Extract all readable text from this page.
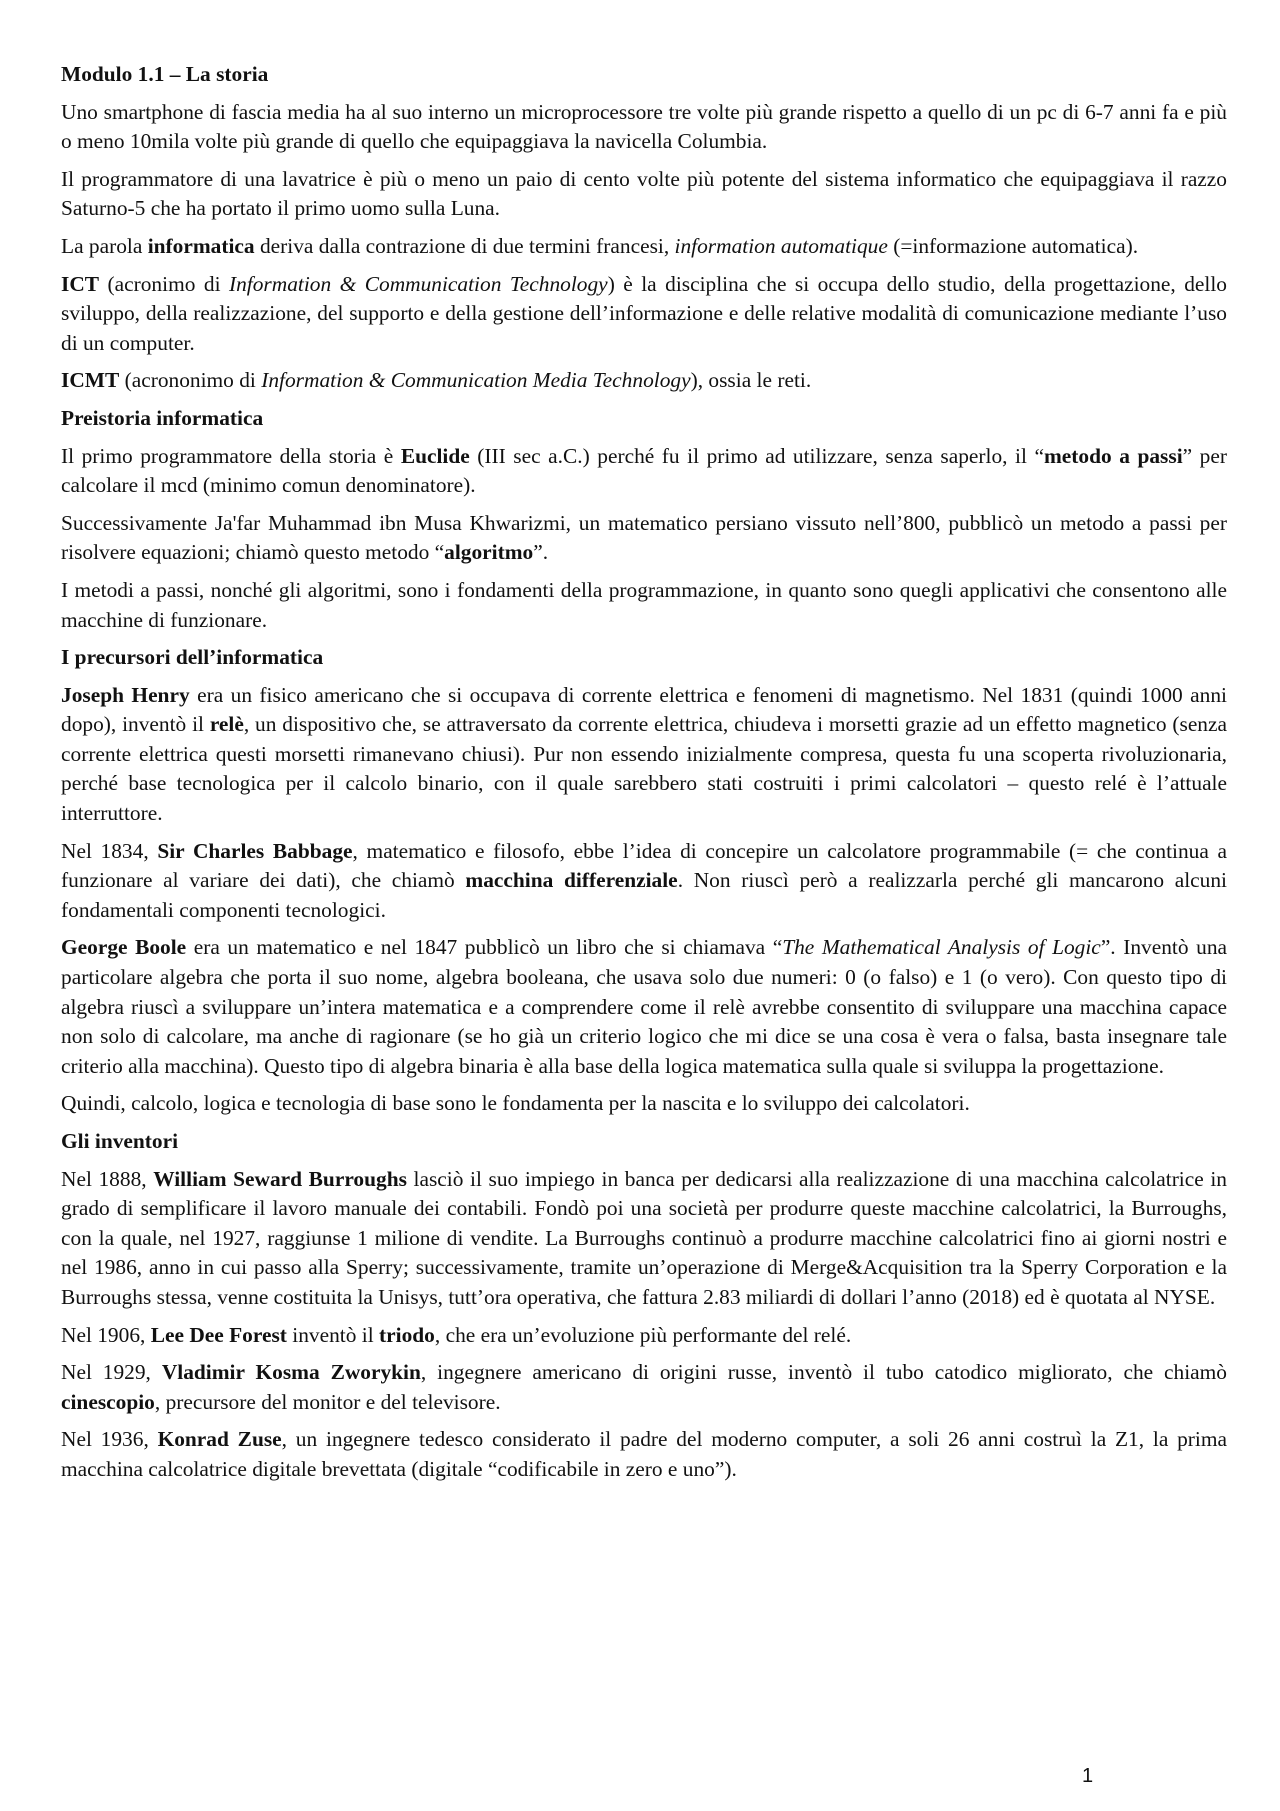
Modulo 1.1 – La storia

Uno smartphone di fascia media ha al suo interno un microprocessore tre volte più grande rispetto a quello di un pc di 6-7 anni fa e più o meno 10mila volte più grande di quello che equipaggiava la navicella Columbia.

Il programmatore di una lavatrice è più o meno un paio di cento volte più potente del sistema informatico che equipaggiava il razzo Saturno-5 che ha portato il primo uomo sulla Luna.

La parola informatica deriva dalla contrazione di due termini francesi, information automatique (=informazione automatica).

ICT (acronimo di Information & Communication Technology) è la disciplina che si occupa dello studio, della progettazione, dello sviluppo, della realizzazione, del supporto e della gestione dell’informazione e delle relative modalità di comunicazione mediante l’uso di un computer.

ICMT (acrononimo di Information & Communication Media Technology), ossia le reti.

Preistoria informatica

Il primo programmatore della storia è Euclide (III sec a.C.) perché fu il primo ad utilizzare, senza saperlo, il “metodo a passi” per calcolare il mcd (minimo comun denominatore).

Successivamente Ja'far Muhammad ibn Musa Khwarizmi, un matematico persiano vissuto nell’800, pubblicò un metodo a passi per risolvere equazioni; chiamò questo metodo “algoritmo”.

I metodi a passi, nonché gli algoritmi, sono i fondamenti della programmazione, in quanto sono quegli applicativi che consentono alle macchine di funzionare.

I precursori dell’informatica

Joseph Henry era un fisico americano che si occupava di corrente elettrica e fenomeni di magnetismo. Nel 1831 (quindi 1000 anni dopo), inventò il relè, un dispositivo che, se attraversato da corrente elettrica, chiudeva i morsetti grazie ad un effetto magnetico (senza corrente elettrica questi morsetti rimanevano chiusi). Pur non essendo inizialmente compresa, questa fu una scoperta rivoluzionaria, perché base tecnologica per il calcolo binario, con il quale sarebbero stati costruiti i primi calcolatori – questo relé è l’attuale interruttore.

Nel 1834, Sir Charles Babbage, matematico e filosofo, ebbe l’idea di concepire un calcolatore programmabile (= che continua a funzionare al variare dei dati), che chiamò macchina differenziale. Non riuscì però a realizzarla perché gli mancarono alcuni fondamentali componenti tecnologici.

George Boole era un matematico e nel 1847 pubblicò un libro che si chiamava “The Mathematical Analysis of Logic”. Inventò una particolare algebra che porta il suo nome, algebra booleana, che usava solo due numeri: 0 (o falso) e 1 (o vero). Con questo tipo di algebra riuscì a sviluppare un’intera matematica e a comprendere come il relè avrebbe consentito di sviluppare una macchina capace non solo di calcolare, ma anche di ragionare (se ho già un criterio logico che mi dice se una cosa è vera o falsa, basta insegnare tale criterio alla macchina). Questo tipo di algebra binaria è alla base della logica matematica sulla quale si sviluppa la progettazione.

Quindi, calcolo, logica e tecnologia di base sono le fondamenta per la nascita e lo sviluppo dei calcolatori.

Gli inventori

Nel 1888, William Seward Burroughs lasciò il suo impiego in banca per dedicarsi alla realizzazione di una macchina calcolatrice in grado di semplificare il lavoro manuale dei contabili. Fondò poi una società per produrre queste macchine calcolatrici, la Burroughs, con la quale, nel 1927, raggiunse 1 milione di vendite. La Burroughs continuò a produrre macchine calcolatrici fino ai giorni nostri e nel 1986, anno in cui passo alla Sperry; successivamente, tramite un’operazione di Merge&Acquisition tra la Sperry Corporation e la Burroughs stessa, venne costituita la Unisys, tutt’ora operativa, che fattura 2.83 miliardi di dollari l’anno (2018) ed è quotata al NYSE.

Nel 1906, Lee Dee Forest inventò il triodo, che era un’evoluzione più performante del relé.

Nel 1929, Vladimir Kosma Zworykin, ingegnere americano di origini russe, inventò il tubo catodico migliorato, che chiamò cinescopio, precursore del monitor e del televisore.

Nel 1936, Konrad Zuse, un ingegnere tedesco considerato il padre del moderno computer, a soli 26 anni costruì la Z1, la prima macchina calcolatrice digitale brevettata (digitale “codificabile in zero e uno”).

1
